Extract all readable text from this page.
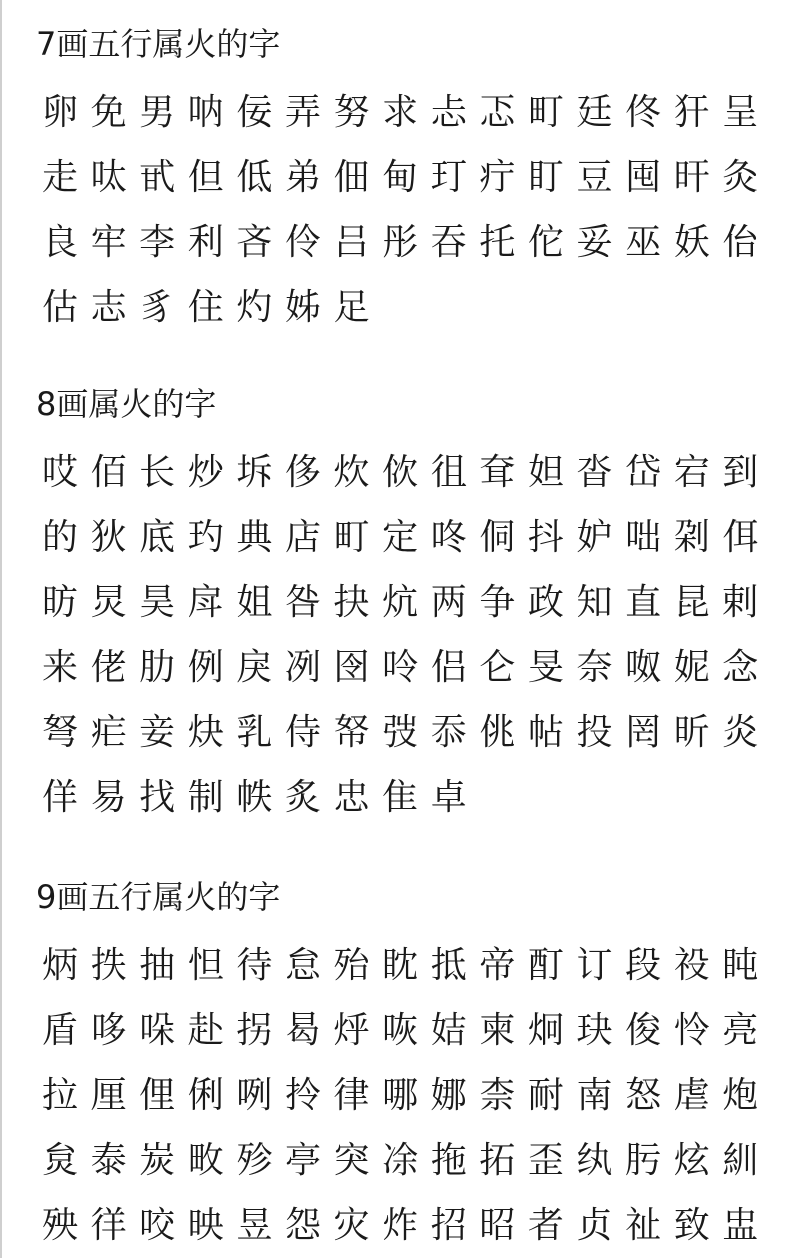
7画五行属火的字
卵 免 男 呐 佞 弄 努 求 忐 忑 町 廷 佟 犴 呈
走 呔 甙 但 低 弟 佃 甸 玎 疔 盯 豆 囤 旰 灸
良 牢 李 利 吝 伶 吕 彤 吞 托 佗 妥 巫 妖 佁
估 志 豸 住 灼 姊 足
8画属火的字
哎 佰 长 炒 坼 侈 炊 佽 徂 耷 妲 沓 岱 宕 到
的 狄 底 玓 典 店 町 定 咚 侗 抖 妒 咄 刴 佴
昉 炅 昊 戽 姐 咎 抉 炕 两 争 政 知 直 昆 剌
来 佬 肋 例 戾 冽 囹 呤 侣 仑 旻 奈 呶 妮 念
弩 疟 妾 炔 乳 侍 帑 弢 忝 佻 帖 投 罔 昕 炎
佯 易 找 制 帙 炙 忠 隹 卓
9画五行属火的字
炳 抶 抽 怛 待 怠 殆 眈 抵 帝 酊 订 段 祋 盹
盾 哆 哚 赴 拐 曷 烀 咴 姞 柬 炯 玦 俊 怜 亮
拉 厘 俚 俐 咧 拎 律 哪 娜 柰 耐 南 怒 虐 炮
炱 泰 炭 畋 殄 亭 突 凃 拖 拓 歪 纨 肟 炫 紃
殃 徉 咬 映 昱 怨 灾 炸 招 昭 者 贞 祉 致 盅
